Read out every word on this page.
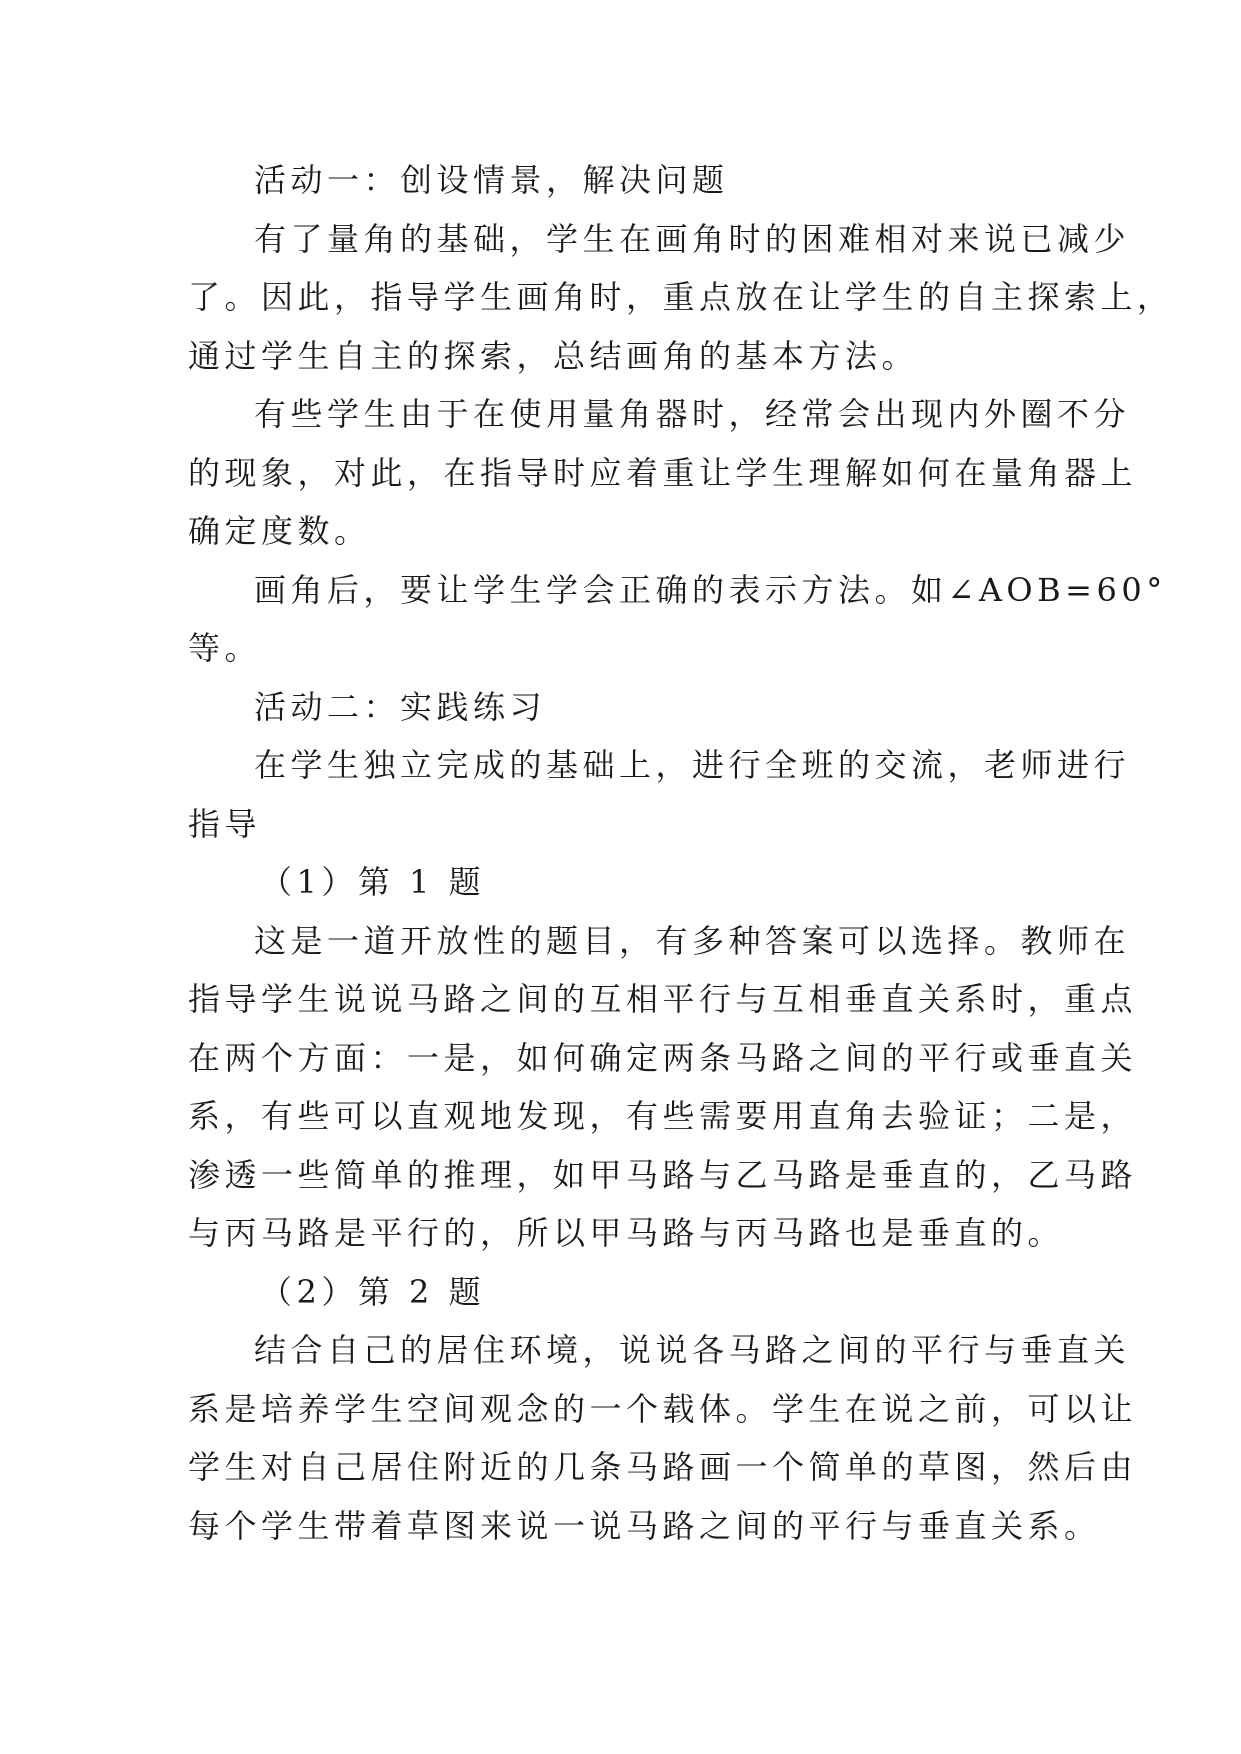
活动一：创设情景，解决问题
有了量角的基础，学生在画角时的困难相对来说已减少
了。因此，指导学生画角时，重点放在让学生的自主探索上，
通过学生自主的探索，总结画角的基本方法。
有些学生由于在使用量角器时，经常会出现内外圈不分
的现象，对此，在指导时应着重让学生理解如何在量角器上
确定度数。
画角后，要让学生学会正确的表示方法。如∠AOB=60°
等。
活动二：实践练习
在学生独立完成的基础上，进行全班的交流，老师进行
指导
（1）第 1 题
这是一道开放性的题目，有多种答案可以选择。教师在
指导学生说说马路之间的互相平行与互相垂直关系时，重点
在两个方面：一是，如何确定两条马路之间的平行或垂直关
系，有些可以直观地发现，有些需要用直角去验证；二是，
渗透一些简单的推理，如甲马路与乙马路是垂直的，乙马路
与丙马路是平行的，所以甲马路与丙马路也是垂直的。
（2）第 2 题
结合自己的居住环境，说说各马路之间的平行与垂直关
系是培养学生空间观念的一个载体。学生在说之前，可以让
学生对自己居住附近的几条马路画一个简单的草图，然后由
每个学生带着草图来说一说马路之间的平行与垂直关系。
